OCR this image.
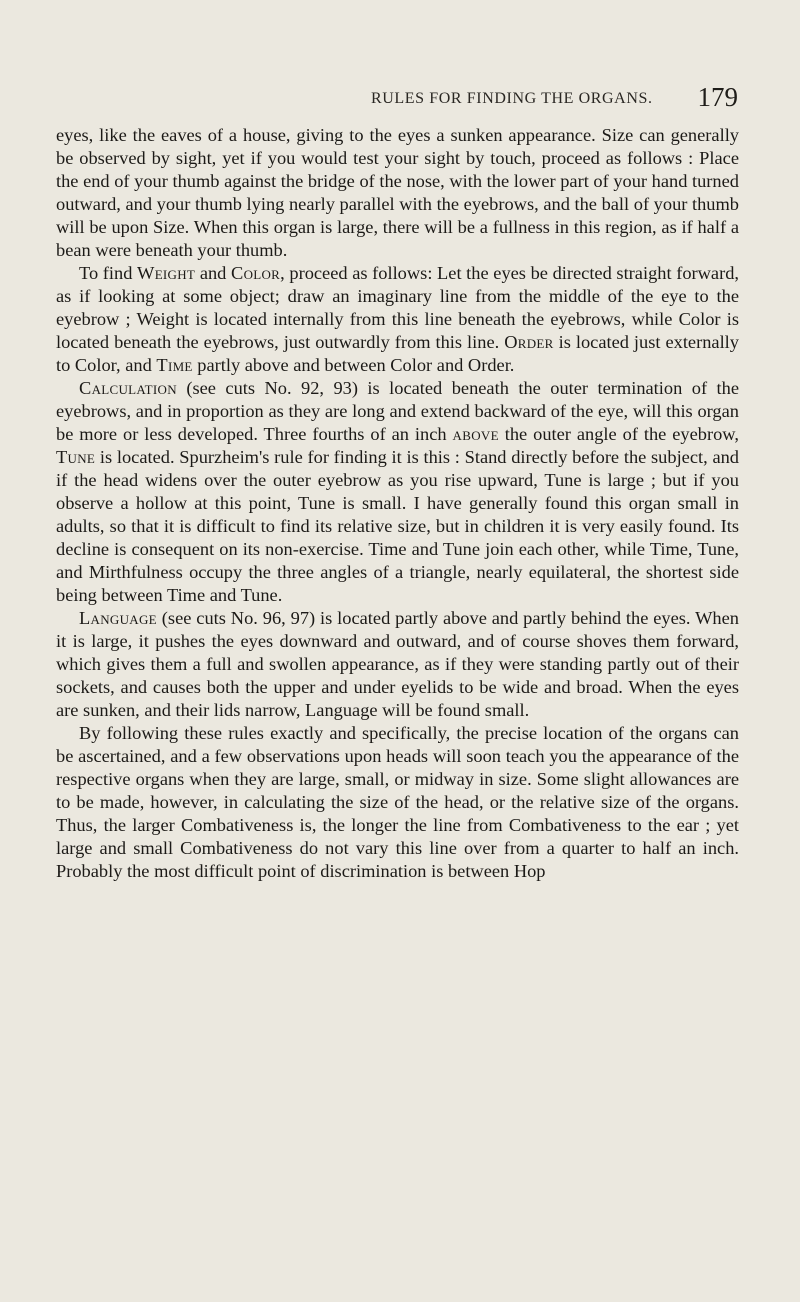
RULES FOR FINDING THE ORGANS. 179

eyes, like the eaves of a house, giving to the eyes a sunken appearance. Size can generally be observed by sight, yet if you would test your sight by touch, proceed as follows : Place the end of your thumb against the bridge of the nose, with the lower part of your hand turned outward, and your thumb lying nearly parallel with the eyebrows, and the ball of your thumb will be upon Size. When this organ is large, there will be a fullness in this region, as if half a bean were beneath your thumb.

To find Weight and Color, proceed as follows: Let the eyes be directed straight forward, as if looking at some object; draw an imaginary line from the middle of the eye to the eyebrow ; Weight is located internally from this line beneath the eyebrows, while Color is located beneath the eyebrows, just outwardly from this line. Order is located just externally to Color, and Time partly above and between Color and Order.

Calculation (see cuts No. 92, 93) is located beneath the outer termination of the eyebrows, and in proportion as they are long and extend backward of the eye, will this organ be more or less developed. Three fourths of an inch above the outer angle of the eyebrow, Tune is located. Spurzheim's rule for finding it is this : Stand directly before the subject, and if the head widens over the outer eyebrow as you rise upward, Tune is large ; but if you observe a hollow at this point, Tune is small. I have generally found this organ small in adults, so that it is difficult to find its relative size, but in children it is very easily found. Its decline is consequent on its non-exercise. Time and Tune join each other, while Time, Tune, and Mirthfulness occupy the three angles of a triangle, nearly equilateral, the shortest side being between Time and Tune.

Language (see cuts No. 96, 97) is located partly above and partly behind the eyes. When it is large, it pushes the eyes downward and outward, and of course shoves them forward, which gives them a full and swollen appearance, as if they were standing partly out of their sockets, and causes both the upper and under eyelids to be wide and broad. When the eyes are sunken, and their lids narrow, Language will be found small.

By following these rules exactly and specifically, the precise location of the organs can be ascertained, and a few observations upon heads will soon teach you the appearance of the respective organs when they are large, small, or midway in size. Some slight allowances are to be made, however, in calculating the size of the head, or the relative size of the organs. Thus, the larger Combativeness is, the longer the line from Combativeness to the ear ; yet large and small Combativeness do not vary this line over from a quarter to half an inch. Probably the most difficult point of discrimination is between Hop
